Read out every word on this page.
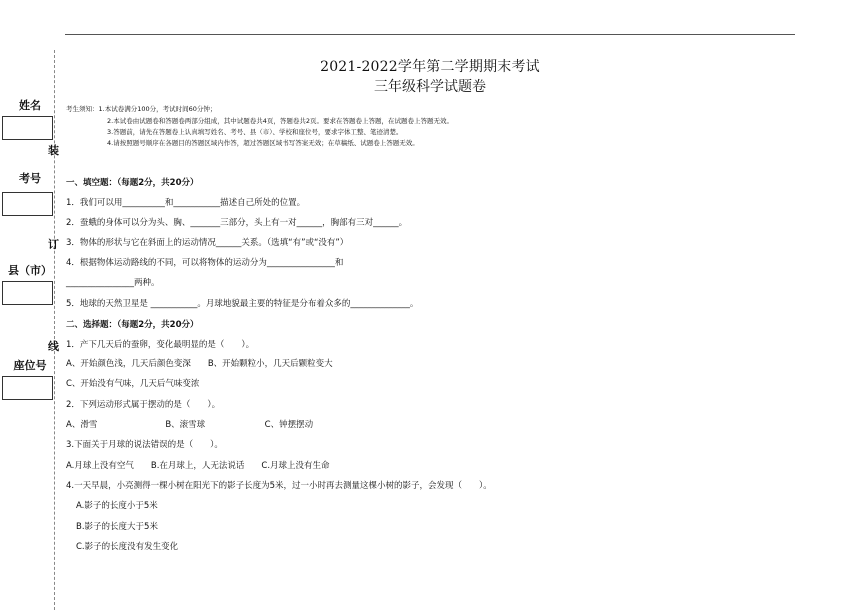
姓名
装
考号
订
县（市）
线
座位号
2021-2022学年第二学期期末考试
三年级科学试题卷
考生须知：1.本试卷满分100分，考试时间60分钟；
2.本试卷由试题卷和答题卷两部分组成，其中试题卷共4页，答题卷共2页。要求在答题卷上答题，在试题卷上答题无效。
3.答题前，请先在答题卷上认真填写姓名、考号、县（市）、学校和座位号，要求字体工整、笔迹清楚。
4.请按照题号顺序在各题目的答题区域内作答，超过答题区域书写答案无效；在草稿纸、试题卷上答题无效。
一、填空题：（每题2分，共20分）
1．我们可以用__________和___________描述自己所处的位置。
2．蚕蛾的身体可以分为头、胸、_______三部分，头上有一对______，胸部有三对______。
3．物体的形状与它在斜面上的运动情况______关系。（选填“有”或“没有”）
4．根据物体运动路线的不同，可以将物体的运动分为________________和
________________两种。
5．地球的天然卫星是 ___________。月球地貌最主要的特征是分布着众多的______________。
二、选择题：（每题2分，共20分）
1．产下几天后的蚕卵，变化最明显的是（　　）。
A、开始颜色浅，几天后颜色变深　　B、开始颗粒小，几天后颗粒变大
C、开始没有气味，几天后气味变浓
2．下列运动形式属于摆动的是（　　）。
A、滑雪　　　　　　　　B、滚雪球　　　　　　　C、钟摆摆动
3.下面关于月球的说法错误的是（　　）。
A.月球上没有空气　　B.在月球上，人无法说话　　C.月球上没有生命
4.一天早晨，小亮测得一棵小树在阳光下的影子长度为5米，过一小时再去测量这棵小树的影子，会发现（　　）。
A.影子的长度小于5米
B.影子的长度大于5米
C.影子的长度没有发生变化
